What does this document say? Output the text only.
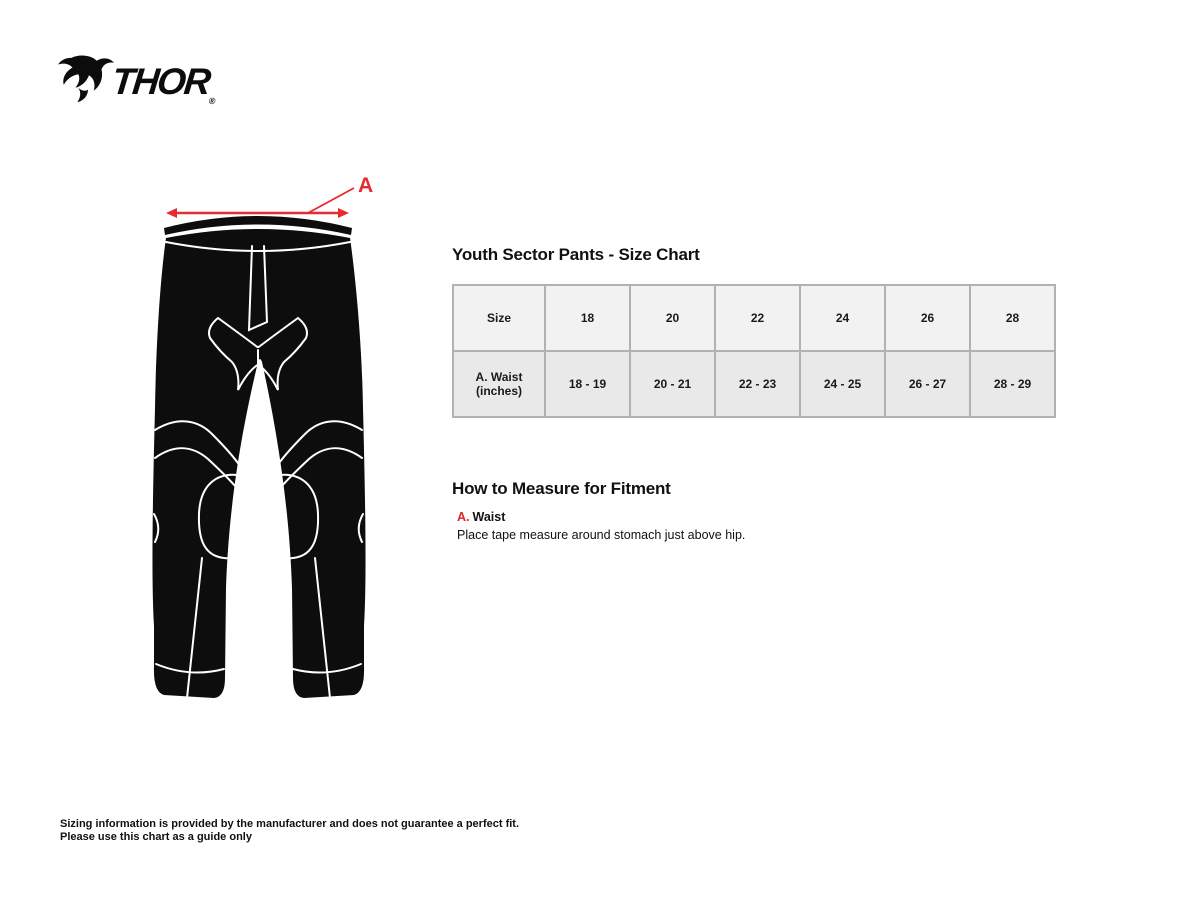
$THOR_®$
A
Youth Sector Pants - Size Chart
Size	18	20	22	24	26	28
A. Waist (inches)	18 - 19	20 - 21	22 - 23	24 - 25	26 - 27	28 - 29
How to Measure for Fitment
A. Waist
Place tape measure around stomach just above hip.
Sizing information is provided by the manufacturer and does not guarantee a perfect fit.
Please use this chart as a guide only
